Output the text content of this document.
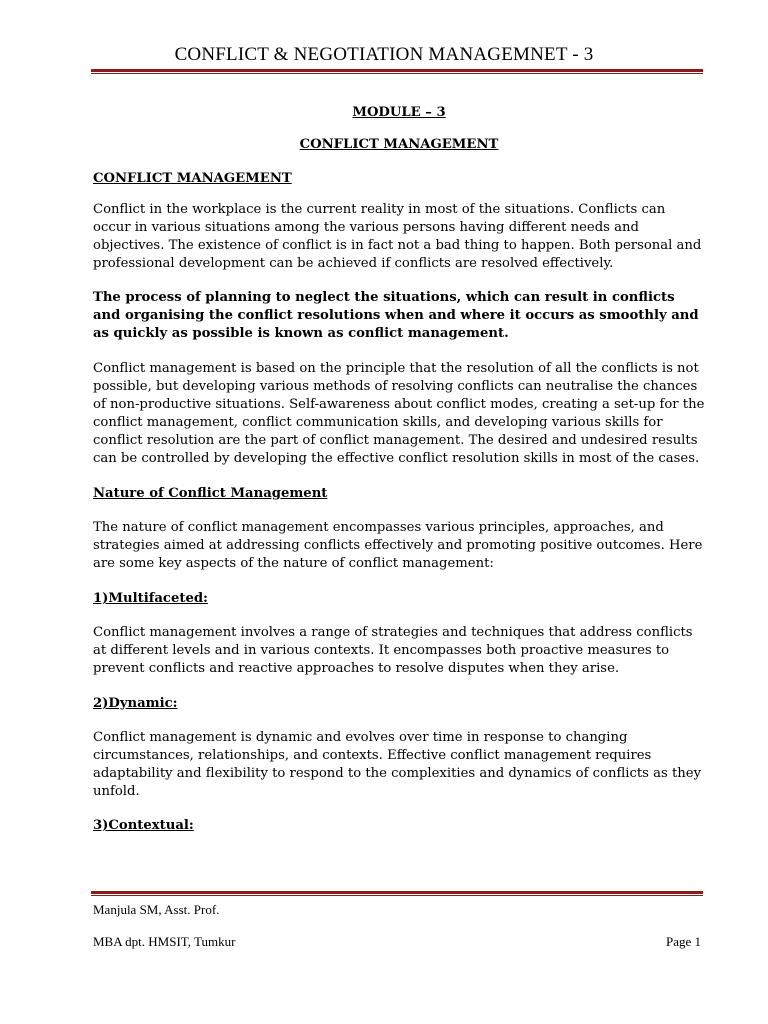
CONFLICT & NEGOTIATION MANAGEMNET - 3

MODULE – 3

CONFLICT MANAGEMENT

CONFLICT MANAGEMENT

Conflict in the workplace is the current reality in most of the situations. Conflicts can occur in various situations among the various persons having different needs and objectives. The existence of conflict is in fact not a bad thing to happen. Both personal and professional development can be achieved if conflicts are resolved effectively.

The process of planning to neglect the situations, which can result in conflicts and organising the conflict resolutions when and where it occurs as smoothly and as quickly as possible is known as conflict management.

Conflict management is based on the principle that the resolution of all the conflicts is not possible, but developing various methods of resolving conflicts can neutralise the chances of non-productive situations. Self-awareness about conflict modes, creating a set-up for the conflict management, conflict communication skills, and developing various skills for conflict resolution are the part of conflict management. The desired and undesired results can be controlled by developing the effective conflict resolution skills in most of the cases.

Nature of Conflict Management

The nature of conflict management encompasses various principles, approaches, and strategies aimed at addressing conflicts effectively and promoting positive outcomes. Here are some key aspects of the nature of conflict management:

1)Multifaceted:

Conflict management involves a range of strategies and techniques that address conflicts at different levels and in various contexts. It encompasses both proactive measures to prevent conflicts and reactive approaches to resolve disputes when they arise.

2)Dynamic:

Conflict management is dynamic and evolves over time in response to changing circumstances, relationships, and contexts. Effective conflict management requires adaptability and flexibility to respond to the complexities and dynamics of conflicts as they unfold.

3)Contextual:

Manjula SM, Asst. Prof.
MBA dpt. HMSIT, Tumkur	Page 1
